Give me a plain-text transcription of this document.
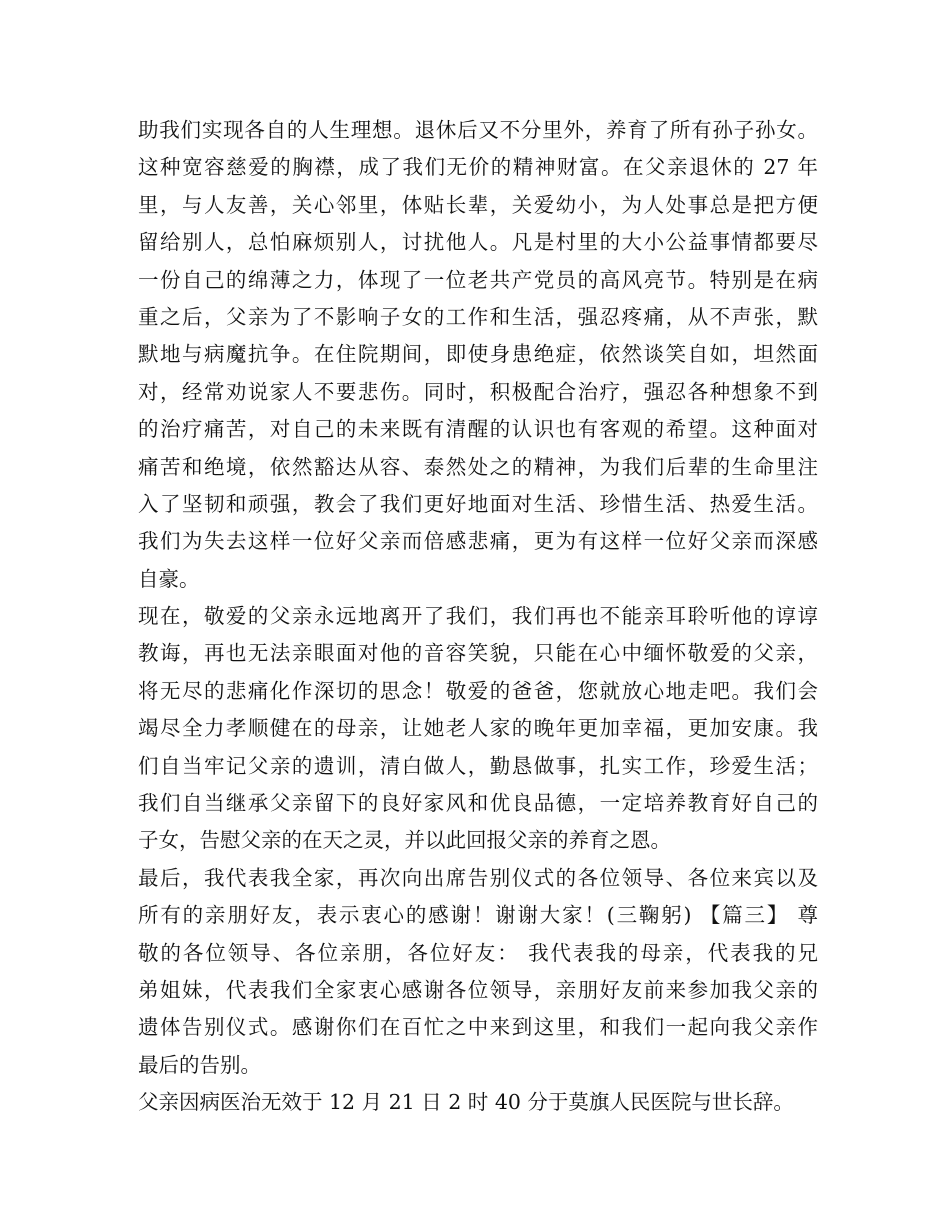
助我们实现各自的人生理想。退休后又不分里外，养育了所有孙子孙女。
这种宽容慈爱的胸襟，成了我们无价的精神财富。在父亲退休的 27 年
里，与人友善，关心邻里，体贴长辈，关爱幼小，为人处事总是把方便
留给别人，总怕麻烦别人，讨扰他人。凡是村里的大小公益事情都要尽
一份自己的绵薄之力，体现了一位老共产党员的高风亮节。特别是在病
重之后，父亲为了不影响子女的工作和生活，强忍疼痛，从不声张，默
默地与病魔抗争。在住院期间，即使身患绝症，依然谈笑自如，坦然面
对，经常劝说家人不要悲伤。同时，积极配合治疗，强忍各种想象不到
的治疗痛苦，对自己的未来既有清醒的认识也有客观的希望。这种面对
痛苦和绝境，依然豁达从容、泰然处之的精神，为我们后辈的生命里注
入了坚韧和顽强，教会了我们更好地面对生活、珍惜生活、热爱生活。
我们为失去这样一位好父亲而倍感悲痛，更为有这样一位好父亲而深感
自豪。
现在，敬爱的父亲永远地离开了我们，我们再也不能亲耳聆听他的谆谆
教诲，再也无法亲眼面对他的音容笑貌，只能在心中缅怀敬爱的父亲，
将无尽的悲痛化作深切的思念！敬爱的爸爸，您就放心地走吧。我们会
竭尽全力孝顺健在的母亲，让她老人家的晚年更加幸福，更加安康。我
们自当牢记父亲的遗训，清白做人，勤恳做事，扎实工作，珍爱生活；
我们自当继承父亲留下的良好家风和优良品德，一定培养教育好自己的
子女，告慰父亲的在天之灵，并以此回报父亲的养育之恩。
最后，我代表我全家，再次向出席告别仪式的各位领导、各位来宾以及
所有的亲朋好友，表示衷心的感谢！谢谢大家！(三鞠躬) 【篇三】 尊
敬的各位领导、各位亲朋，各位好友： 我代表我的母亲，代表我的兄
弟姐妹，代表我们全家衷心感谢各位领导，亲朋好友前来参加我父亲的
遗体告别仪式。感谢你们在百忙之中来到这里，和我们一起向我父亲作
最后的告别。
父亲因病医治无效于 12 月 21 日 2 时 40 分于莫旗人民医院与世长辞。
